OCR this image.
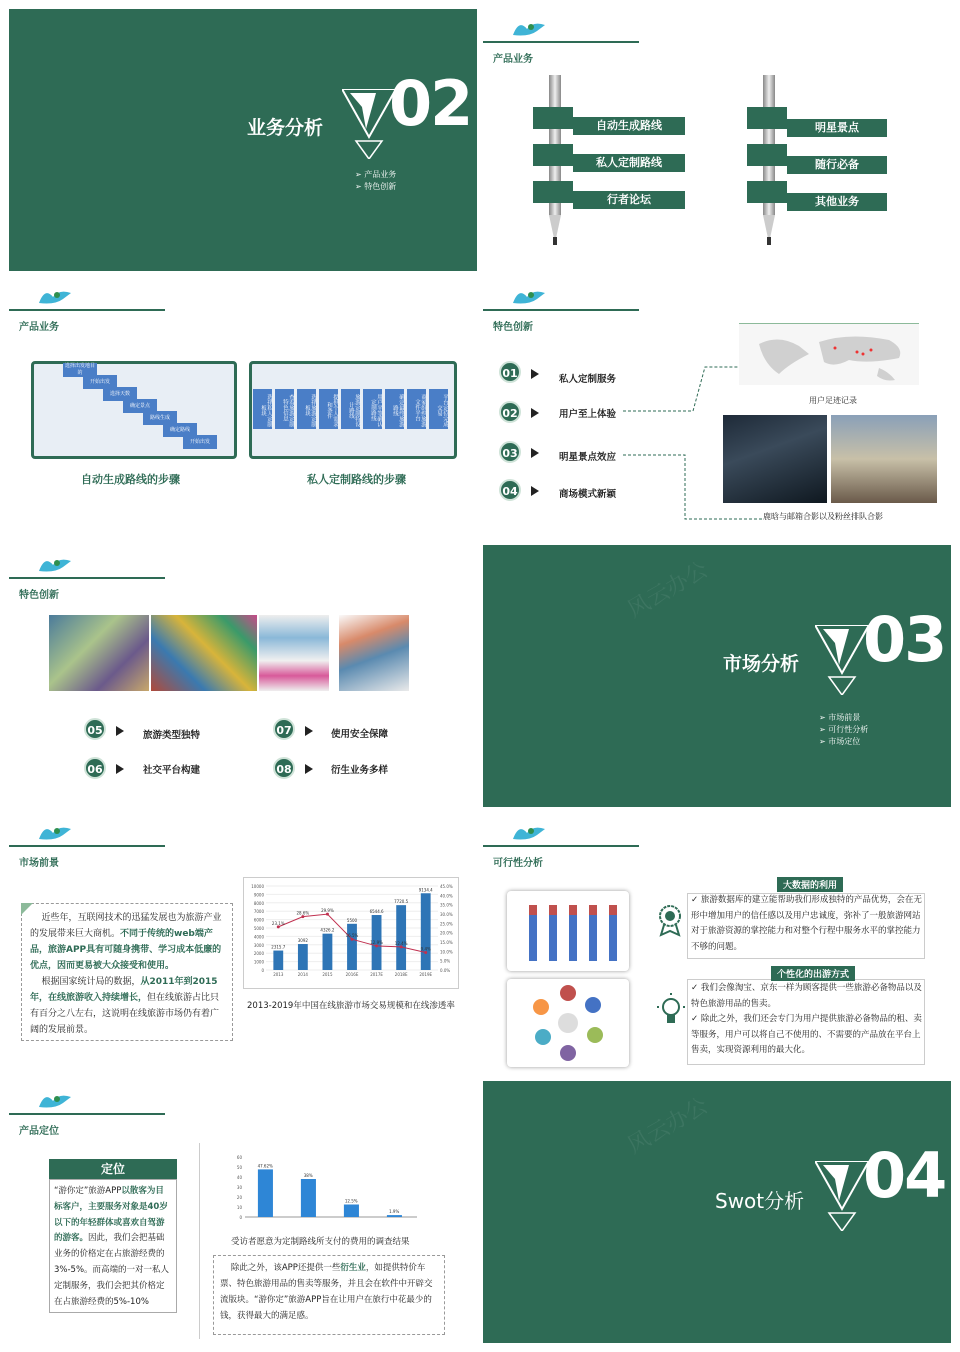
业务分析 02
➢ 产品业务
➢ 特色创新
产品业务
自动生成路线
私人定制路线
行者论坛
明星景点
随行必备
其他业务
产品业务
选择出发地目的
开始出发
选择天数
确定景点
路线生成
确定路线
开始出发
选择私人定制板块	查看旅游定制特色信息	选择旅游定制板块	提供个人需求和条件	旅游定制特设计路线	用户平等确认定制路线	确定最终旅游路线	商家组织旅游文件平台	平台定位完成交易
自动生成路线的步骤	私人定制路线的步骤
特色创新
01	私人定制服务
02	用户至上体验
03	明星景点效应
04	商场模式新颖
用户足迹记录
鹿晗与邮箱合影以及粉丝排队合影
特色创新
05	旅游类型独特	07	使用安全保障
06	社交平台构建	08	衍生业务多样
风云办公
市场分析 03
➢ 市场前景
➢ 可行性分析
➢ 市场定位
市场前景
近些年，互联网技术的迅猛发展也为旅游产业的发展带来巨大商机。不同于传统的web端产品，旅游APP具有可随身携带、学习成本低廉的优点，因而更易被大众接受和使用。
根据国家统计局的数据，从2011年到2015年，在线旅游收入持续增长，但在线旅游占比只有百分之八左右，这说明在线旅游市场仍有着广阔的发展前景。
0
1000
2000
3000
4000
5000
6000
7000
8000
9000
10000
2315.7
2013
3092
2014
4326.2
2015
5500
2016E
6544.6
2017E
7720.5
2018E
9134.4
2019E
23.1%
28.6%	29.9%
16.5%
12.9%	12.4%
9.4%
0.0%
5.0%
10.0%
15.0%
20.0%
25.0%
30.0%
35.0%
40.0%
45.0%
2013-2019年中国在线旅游市场交易规模和在线渗透率
可行性分析
大数据的利用
✓ 旅游数据库的建立能帮助我们形成独特的产品优势，会在无形中增加用户的信任感以及用户忠诚度，弥补了一般旅游网站对于旅游资源的掌控能力和对整个行程中服务水平的掌控能力不够的问题。
个性化的出游方式
✓ 我们会像淘宝、京东一样为顾客提供一些旅游必备物品以及特色旅游用品的售卖。
✓ 除此之外，我们还会专门为用户提供旅游必备物品的租、卖等服务，用户可以将自己不使用的、不需要的产品放在平台上售卖，实现资源利用的最大化。
产品定位
定位
“游你定”旅游APP以散客为目标客户，主要服务对象是40岁以下的年轻群体或喜欢自驾游的游客。因此，我们会把基础业务的价格定在占旅游经费的3%-5%。而高端的一对一私人定制服务，我们会把其价格定在占旅游经费的5%-10%
0
10
20
30
40
50
60
47.62%
38%
12.5%
1.9%
受访者愿意为定制路线所支付的费用的调查结果
除此之外，该APP还提供一些衍生业，如提供特价车票、特色旅游用品的售卖等服务，并且会在软件中开辟交流版块。“游你定”旅游APP旨在让用户在旅行中花最少的钱，获得最大的满足感。
风云办公
Swot分析 04
